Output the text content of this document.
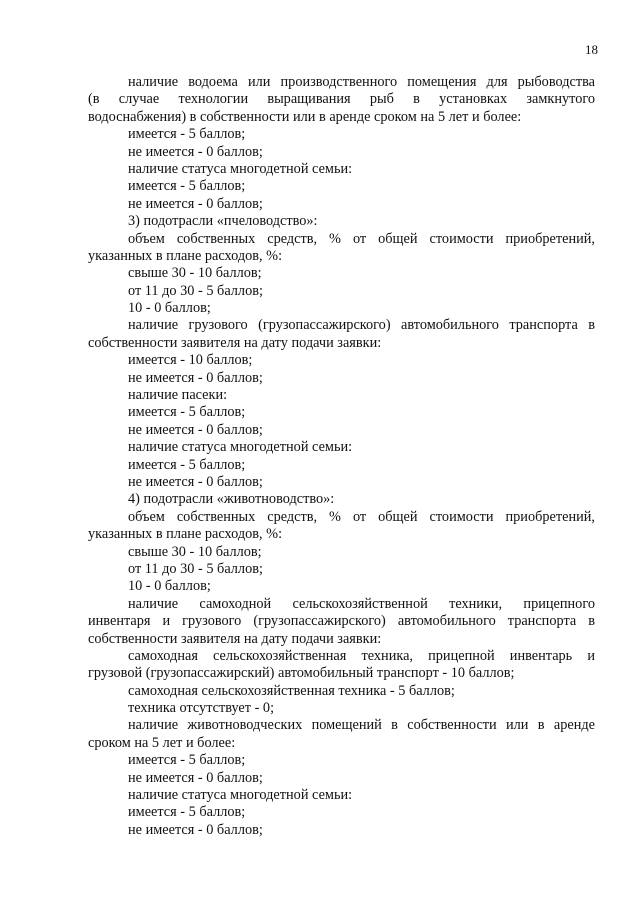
18
наличие водоема или производственного помещения для рыбоводства
(в случае технологии выращивания рыб в установках замкнутого
водоснабжения) в собственности или в аренде сроком на 5 лет и более:
имеется - 5 баллов;
не имеется - 0 баллов;
наличие статуса многодетной семьи:
имеется - 5 баллов;
не имеется - 0 баллов;
3) подотрасли «пчеловодство»:
объем собственных средств, % от общей стоимости приобретений,
указанных в плане расходов, %:
свыше 30 - 10 баллов;
от 11 до 30 - 5 баллов;
10 - 0 баллов;
наличие грузового (грузопассажирского) автомобильного транспорта в
собственности заявителя на дату подачи заявки:
имеется - 10 баллов;
не имеется - 0 баллов;
наличие пасеки:
имеется - 5 баллов;
не имеется - 0 баллов;
наличие статуса многодетной семьи:
имеется - 5 баллов;
не имеется - 0 баллов;
4) подотрасли «животноводство»:
объем собственных средств, % от общей стоимости приобретений,
указанных в плане расходов, %:
свыше 30 - 10 баллов;
от 11 до 30 - 5 баллов;
10 - 0 баллов;
наличие самоходной сельскохозяйственной техники, прицепного
инвентаря и грузового (грузопассажирского) автомобильного транспорта в
собственности заявителя на дату подачи заявки:
самоходная сельскохозяйственная техника, прицепной инвентарь и
грузовой (грузопассажирский) автомобильный транспорт - 10 баллов;
самоходная сельскохозяйственная техника - 5 баллов;
техника отсутствует - 0;
наличие животноводческих помещений в собственности или в аренде
сроком на 5 лет и более:
имеется - 5 баллов;
не имеется - 0 баллов;
наличие статуса многодетной семьи:
имеется - 5 баллов;
не имеется - 0 баллов;
